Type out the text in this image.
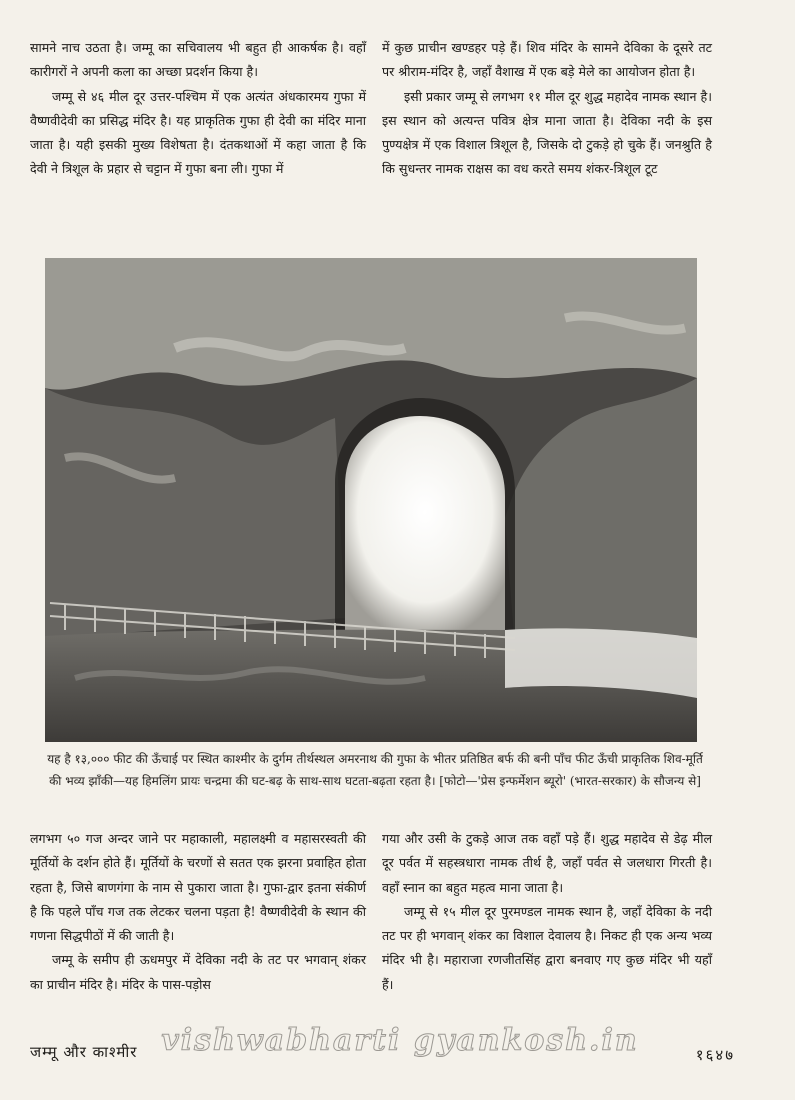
सामने नाच उठता है। जम्मू का सचिवालय भी बहुत ही आकर्षक है। वहाँ कारीगरों ने अपनी कला का अच्छा प्रदर्शन किया है।

जम्मू से ४६ मील दूर उत्तर-पश्चिम में एक अत्यंत अंधकारमय गुफा में वैष्णवीदेवी का प्रसिद्ध मंदिर है। यह प्राकृतिक गुफा ही देवी का मंदिर माना जाता है। यही इसकी मुख्य विशेषता है। दंतकथाओं में कहा जाता है कि देवी ने त्रिशूल के प्रहार से चट्टान में गुफा बना ली। गुफा में

में कुछ प्राचीन खण्डहर पड़े हैं। शिव मंदिर के सामने देविका के दूसरे तट पर श्रीराम-मंदिर है, जहाँ वैशाख में एक बड़े मेले का आयोजन होता है।

इसी प्रकार जम्मू से लगभग ११ मील दूर शुद्ध महादेव नामक स्थान है। इस स्थान को अत्यन्त पवित्र क्षेत्र माना जाता है। देविका नदी के इस पुण्यक्षेत्र में एक विशाल त्रिशूल है, जिसके दो टुकड़े हो चुके हैं। जनश्रुति है कि सुधन्तर नामक राक्षस का वध करते समय शंकर-त्रिशूल टूट

यह है १३,००० फीट की ऊँचाई पर स्थित काश्मीर के दुर्गम तीर्थस्थल अमरनाथ की गुफा के भीतर प्रतिष्ठित बर्फ की बनी पाँच फीट ऊँची प्राकृतिक शिव-मूर्ति की भव्य झाँकी—यह हिमलिंग प्रायः चन्द्रमा की घट-बढ़ के साथ-साथ घटता-बढ़ता रहता है। [फोटो—'प्रेस इन्फर्मेशन ब्यूरो' (भारत-सरकार) के सौजन्य से]

लगभग ५० गज अन्दर जाने पर महाकाली, महालक्ष्मी व महासरस्वती की मूर्तियों के दर्शन होते हैं। मूर्तियों के चरणों से सतत एक झरना प्रवाहित होता रहता है, जिसे बाणगंगा के नाम से पुकारा जाता है। गुफा-द्वार इतना संकीर्ण है कि पहले पाँच गज तक लेटकर चलना पड़ता है! वैष्णवीदेवी के स्थान की गणना सिद्धपीठों में की जाती है।

जम्मू के समीप ही ऊधमपुर में देविका नदी के तट पर भगवान् शंकर का प्राचीन मंदिर है। मंदिर के पास-पड़ोस

गया और उसी के टुकड़े आज तक वहाँ पड़े हैं। शुद्ध महादेव से डेढ़ मील दूर पर्वत में सहस्त्रधारा नामक तीर्थ है, जहाँ पर्वत से जलधारा गिरती है। वहाँ स्नान का बहुत महत्व माना जाता है।

जम्मू से १५ मील दूर पुरमण्डल नामक स्थान है, जहाँ देविका के नदी तट पर ही भगवान् शंकर का विशाल देवालय है। निकट ही एक अन्य भव्य मंदिर भी है। महाराजा रणजीतसिंह द्वारा बनवाए गए कुछ मंदिर भी यहाँ हैं।

जम्मू और काश्मीर vishwabharti gyankosh.in	१६४७
